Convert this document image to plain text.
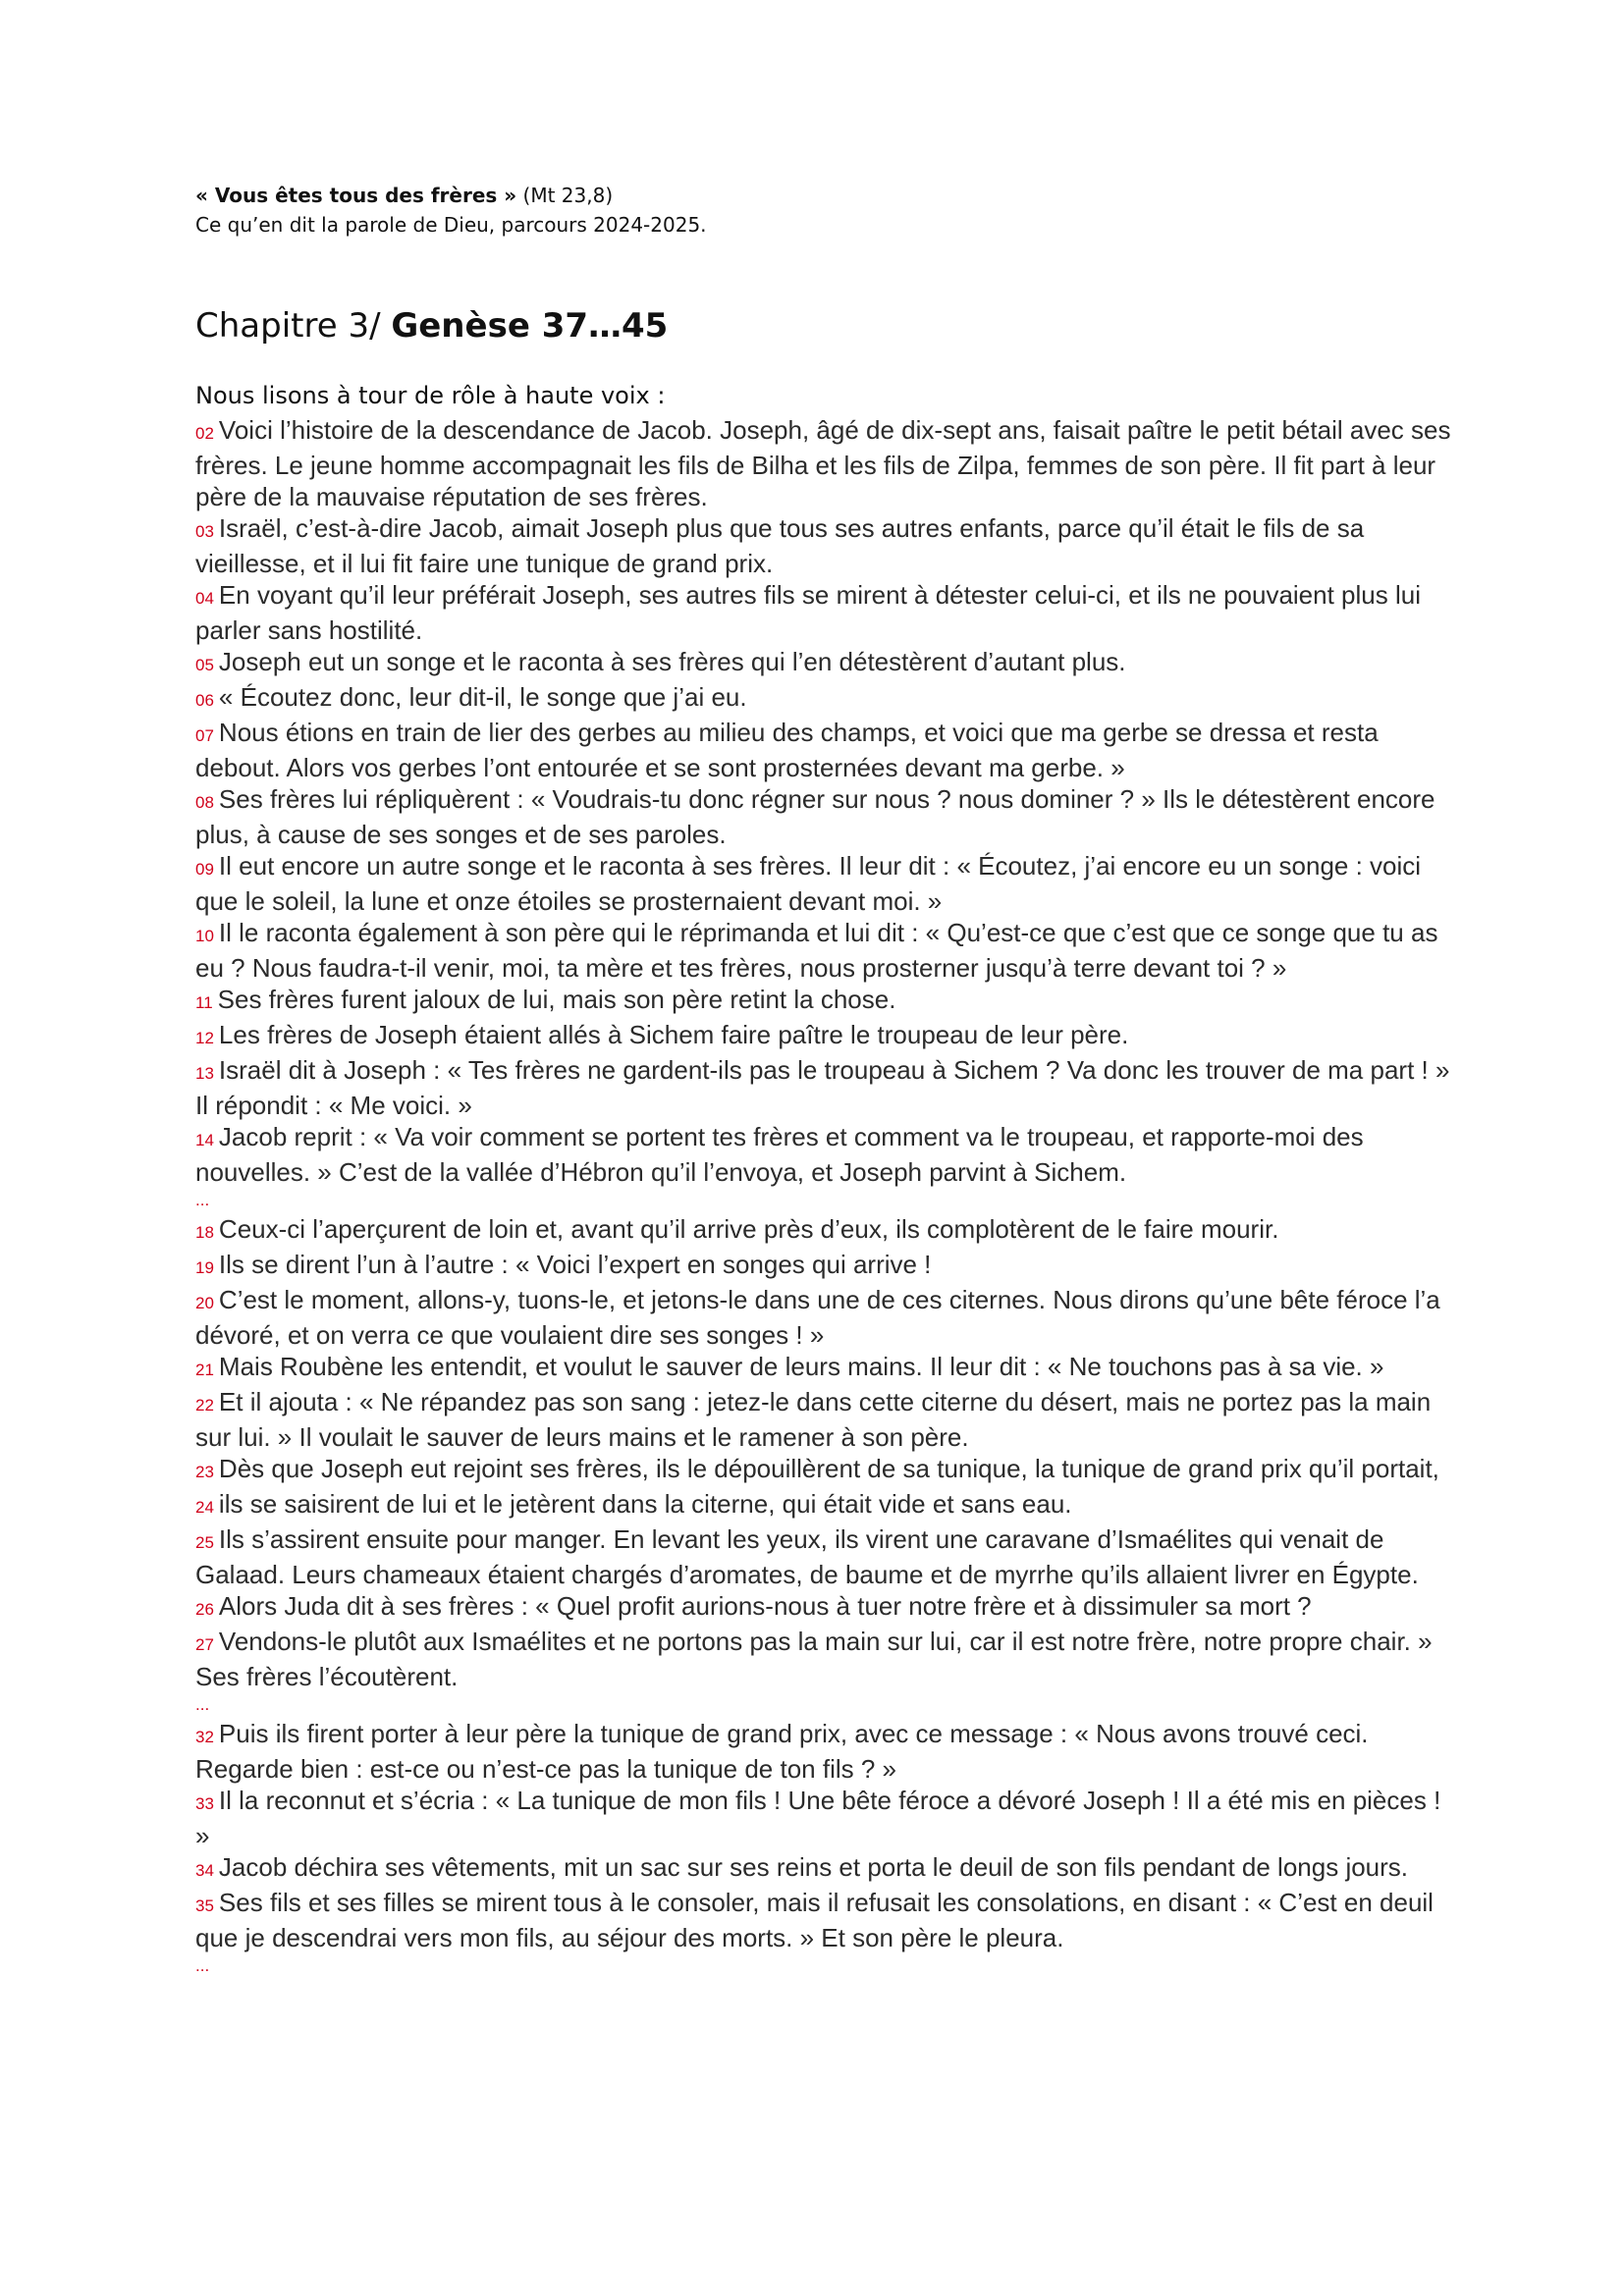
« Vous êtes tous des frères » (Mt 23,8)
Ce qu’en dit la parole de Dieu, parcours 2024-2025.
Chapitre 3/ Genèse 37…45
Nous lisons à tour de rôle à haute voix :

02 Voici l’histoire de la descendance de Jacob. Joseph, âgé de dix-sept ans, faisait paître le petit bétail avec ses frères. Le jeune homme accompagnait les fils de Bilha et les fils de Zilpa, femmes de son père. Il fit part à leur père de la mauvaise réputation de ses frères.

03 Israël, c’est-à-dire Jacob, aimait Joseph plus que tous ses autres enfants, parce qu’il était le fils de sa vieillesse, et il lui fit faire une tunique de grand prix.

04 En voyant qu’il leur préférait Joseph, ses autres fils se mirent à détester celui-ci, et ils ne pouvaient plus lui parler sans hostilité.

05 Joseph eut un songe et le raconta à ses frères qui l’en détestèrent d’autant plus.

06 « Écoutez donc, leur dit-il, le songe que j’ai eu.

07 Nous étions en train de lier des gerbes au milieu des champs, et voici que ma gerbe se dressa et resta debout. Alors vos gerbes l’ont entourée et se sont prosternées devant ma gerbe. »

08 Ses frères lui répliquèrent : « Voudrais-tu donc régner sur nous ? nous dominer ? » Ils le détestèrent encore plus, à cause de ses songes et de ses paroles.

09 Il eut encore un autre songe et le raconta à ses frères. Il leur dit : « Écoutez, j’ai encore eu un songe : voici que le soleil, la lune et onze étoiles se prosternaient devant moi. »

10 Il le raconta également à son père qui le réprimanda et lui dit : « Qu’est-ce que c’est que ce songe que tu as eu ? Nous faudra-t-il venir, moi, ta mère et tes frères, nous prosterner jusqu’à terre devant toi ? »

11 Ses frères furent jaloux de lui, mais son père retint la chose.

12 Les frères de Joseph étaient allés à Sichem faire paître le troupeau de leur père.

13 Israël dit à Joseph : « Tes frères ne gardent-ils pas le troupeau à Sichem ? Va donc les trouver de ma part ! » Il répondit : « Me voici. »

14 Jacob reprit : « Va voir comment se portent tes frères et comment va le troupeau, et rapporte-moi des nouvelles. » C’est de la vallée d’Hébron qu’il l’envoya, et Joseph parvint à Sichem.

...

18 Ceux-ci l’aperçurent de loin et, avant qu’il arrive près d’eux, ils complotèrent de le faire mourir.

19 Ils se dirent l’un à l’autre : « Voici l’expert en songes qui arrive !

20 C’est le moment, allons-y, tuons-le, et jetons-le dans une de ces citernes. Nous dirons qu’une bête féroce l’a dévoré, et on verra ce que voulaient dire ses songes ! »

21 Mais Roubène les entendit, et voulut le sauver de leurs mains. Il leur dit : « Ne touchons pas à sa vie. »

22 Et il ajouta : « Ne répandez pas son sang : jetez-le dans cette citerne du désert, mais ne portez pas la main sur lui. » Il voulait le sauver de leurs mains et le ramener à son père.

23 Dès que Joseph eut rejoint ses frères, ils le dépouillèrent de sa tunique, la tunique de grand prix qu’il portait,

24 ils se saisirent de lui et le jetèrent dans la citerne, qui était vide et sans eau.

25 Ils s’assirent ensuite pour manger. En levant les yeux, ils virent une caravane d’Ismaélites qui venait de Galaad. Leurs chameaux étaient chargés d’aromates, de baume et de myrrhe qu’ils allaient livrer en Égypte.

26 Alors Juda dit à ses frères : « Quel profit aurions-nous à tuer notre frère et à dissimuler sa mort ?

27 Vendons-le plutôt aux Ismaélites et ne portons pas la main sur lui, car il est notre frère, notre propre chair. » Ses frères l’écoutèrent.

...

32 Puis ils firent porter à leur père la tunique de grand prix, avec ce message : « Nous avons trouvé ceci. Regarde bien : est-ce ou n’est-ce pas la tunique de ton fils ? »

33 Il la reconnut et s’écria : « La tunique de mon fils ! Une bête féroce a dévoré Joseph ! Il a été mis en pièces ! »

34 Jacob déchira ses vêtements, mit un sac sur ses reins et porta le deuil de son fils pendant de longs jours.

35 Ses fils et ses filles se mirent tous à le consoler, mais il refusait les consolations, en disant : « C’est en deuil que je descendrai vers mon fils, au séjour des morts. » Et son père le pleura.

...
